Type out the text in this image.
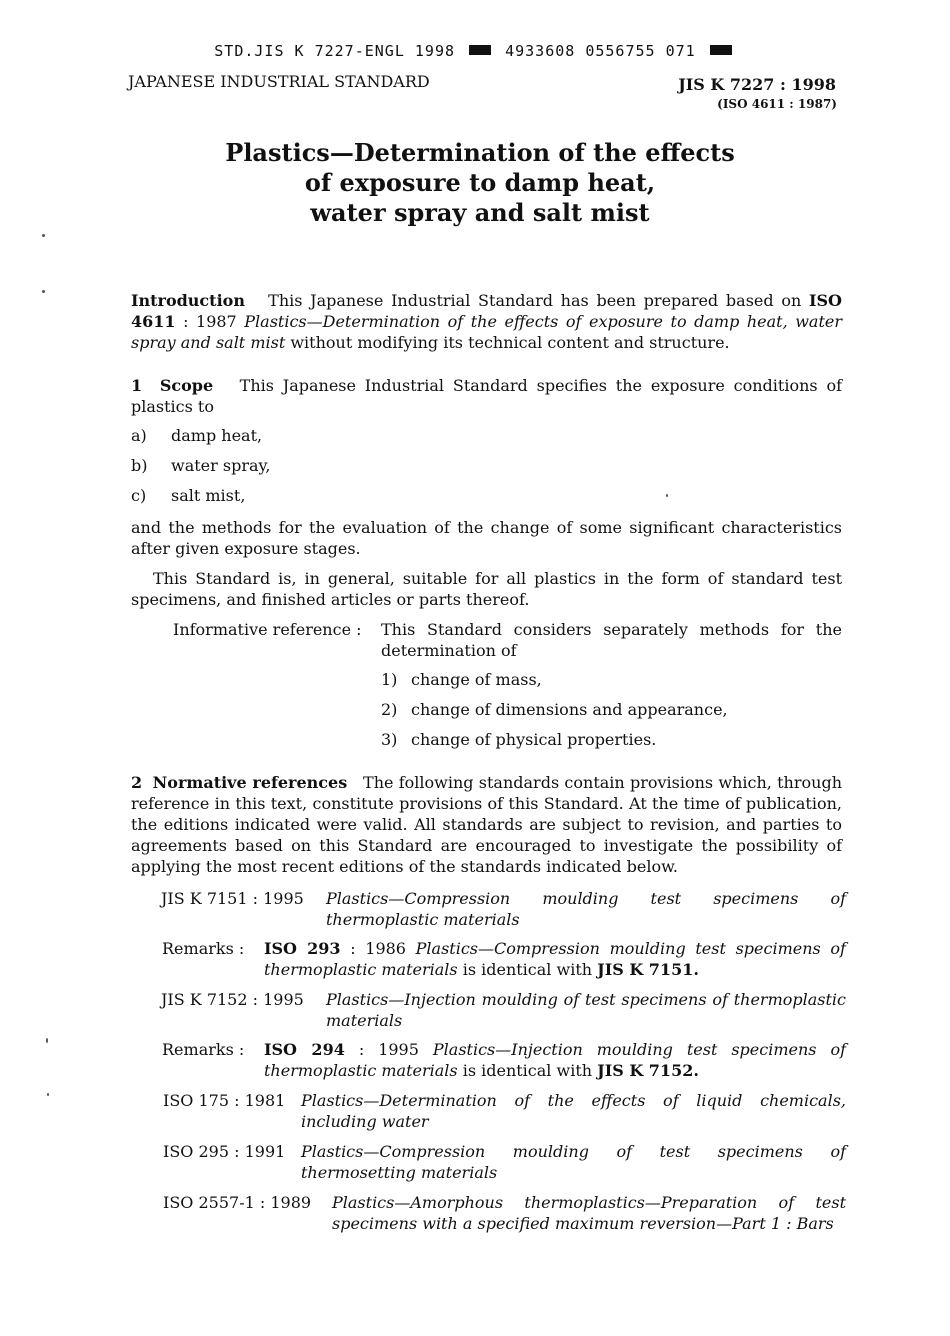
STD.JIS K 7227-ENGL 1998	4933608 0556755 071
JAPANESE INDUSTRIAL STANDARD	JIS K 7227 : 1998
(ISO 4611 : 1987)
Plastics—Determination of the effects
of exposure to damp heat,
water spray and salt mist
Introduction This Japanese Industrial Standard has been prepared based on ISO 4611 : 1987 Plastics—Determination of the effects of exposure to damp heat, water spray and salt mist without modifying its technical content and structure.
1 Scope This Japanese Industrial Standard specifies the exposure conditions of plastics to
a) damp heat,
b) water spray,
c) salt mist,
and the methods for the evaluation of the change of some significant characteristics after given exposure stages.
This Standard is, in general, suitable for all plastics in the form of standard test specimens, and finished articles or parts thereof.
Informative reference : This Standard considers separately methods for the determination of
1) change of mass,
2) change of dimensions and appearance,
3) change of physical properties.
2 Normative references The following standards contain provisions which, through reference in this text, constitute provisions of this Standard. At the time of publication, the editions indicated were valid. All standards are subject to revision, and parties to agreements based on this Standard are encouraged to investigate the possibility of applying the most recent editions of the standards indicated below.
JIS K 7151 : 1995 Plastics—Compression moulding test specimens of thermoplastic materials
Remarks : ISO 293 : 1986 Plastics—Compression moulding test specimens of thermoplastic materials is identical with JIS K 7151.
JIS K 7152 : 1995 Plastics—Injection moulding of test specimens of thermoplastic materials
Remarks : ISO 294 : 1995 Plastics—Injection moulding test specimens of thermoplastic materials is identical with JIS K 7152.
ISO 175 : 1981 Plastics—Determination of the effects of liquid chemicals, including water
ISO 295 : 1991 Plastics—Compression moulding of test specimens of thermosetting materials
ISO 2557-1 : 1989 Plastics—Amorphous thermoplastics—Preparation of test specimens with a specified maximum reversion—Part 1 : Bars
